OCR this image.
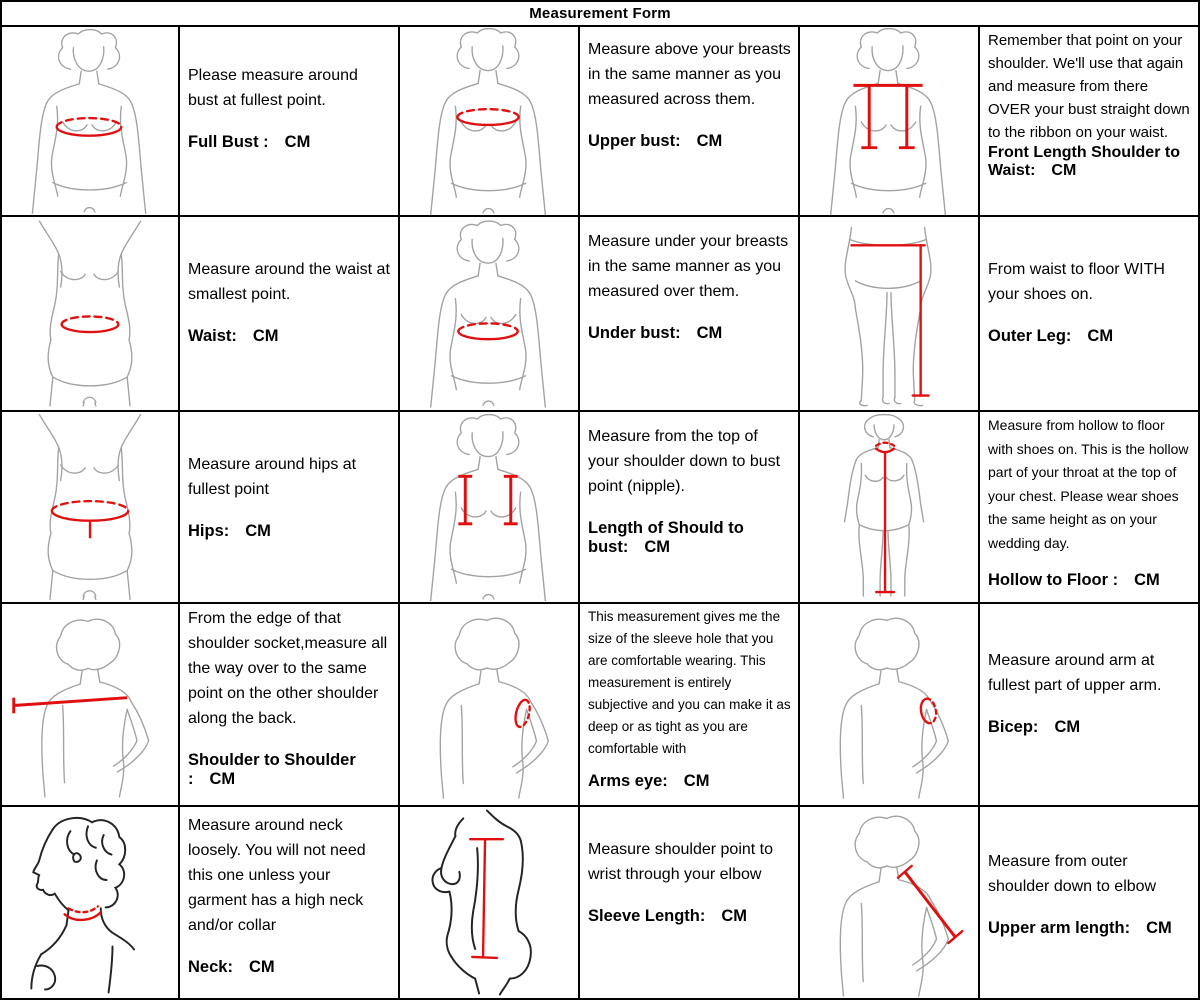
Measurement Form

Please measure around bust at fullest point.

Full Bust : CM

Measure above your breasts in the same manner as you measured across them.

Upper bust: CM

Remember that point on your shoulder. We'll use that again and measure from there OVER your bust straight down to the ribbon on your waist.

Front Length Shoulder to Waist: CM

Measure around the waist at smallest point.

Waist: CM

Measure under your breasts in the same manner as you measured over them.

Under bust: CM

From waist to floor WITH your shoes on.

Outer Leg: CM

Measure around hips at fullest point

Hips: CM

Measure from the top of your shoulder down to bust point (nipple).

Length of Should to bust: CM

Measure from hollow to floor with shoes on. This is the hollow part of your throat at the top of your chest. Please wear shoes the same height as on your wedding day.

Hollow to Floor : CM

From the edge of that shoulder socket,measure all the way over to the same point on the other shoulder along the back.

Shoulder to Shoulder : CM

This measurement gives me the size of the sleeve hole that you are comfortable wearing. This measurement is entirely subjective and you can make it as deep or as tight as you are comfortable with

Arms eye: CM

Measure around arm at fullest part of upper arm.

Bicep: CM

Measure around neck loosely. You will not need this one unless your garment has a high neck and/or collar

Neck: CM

Measure shoulder point to wrist through your elbow

Sleeve Length: CM

Measure from outer shoulder down to elbow

Upper arm length: CM
